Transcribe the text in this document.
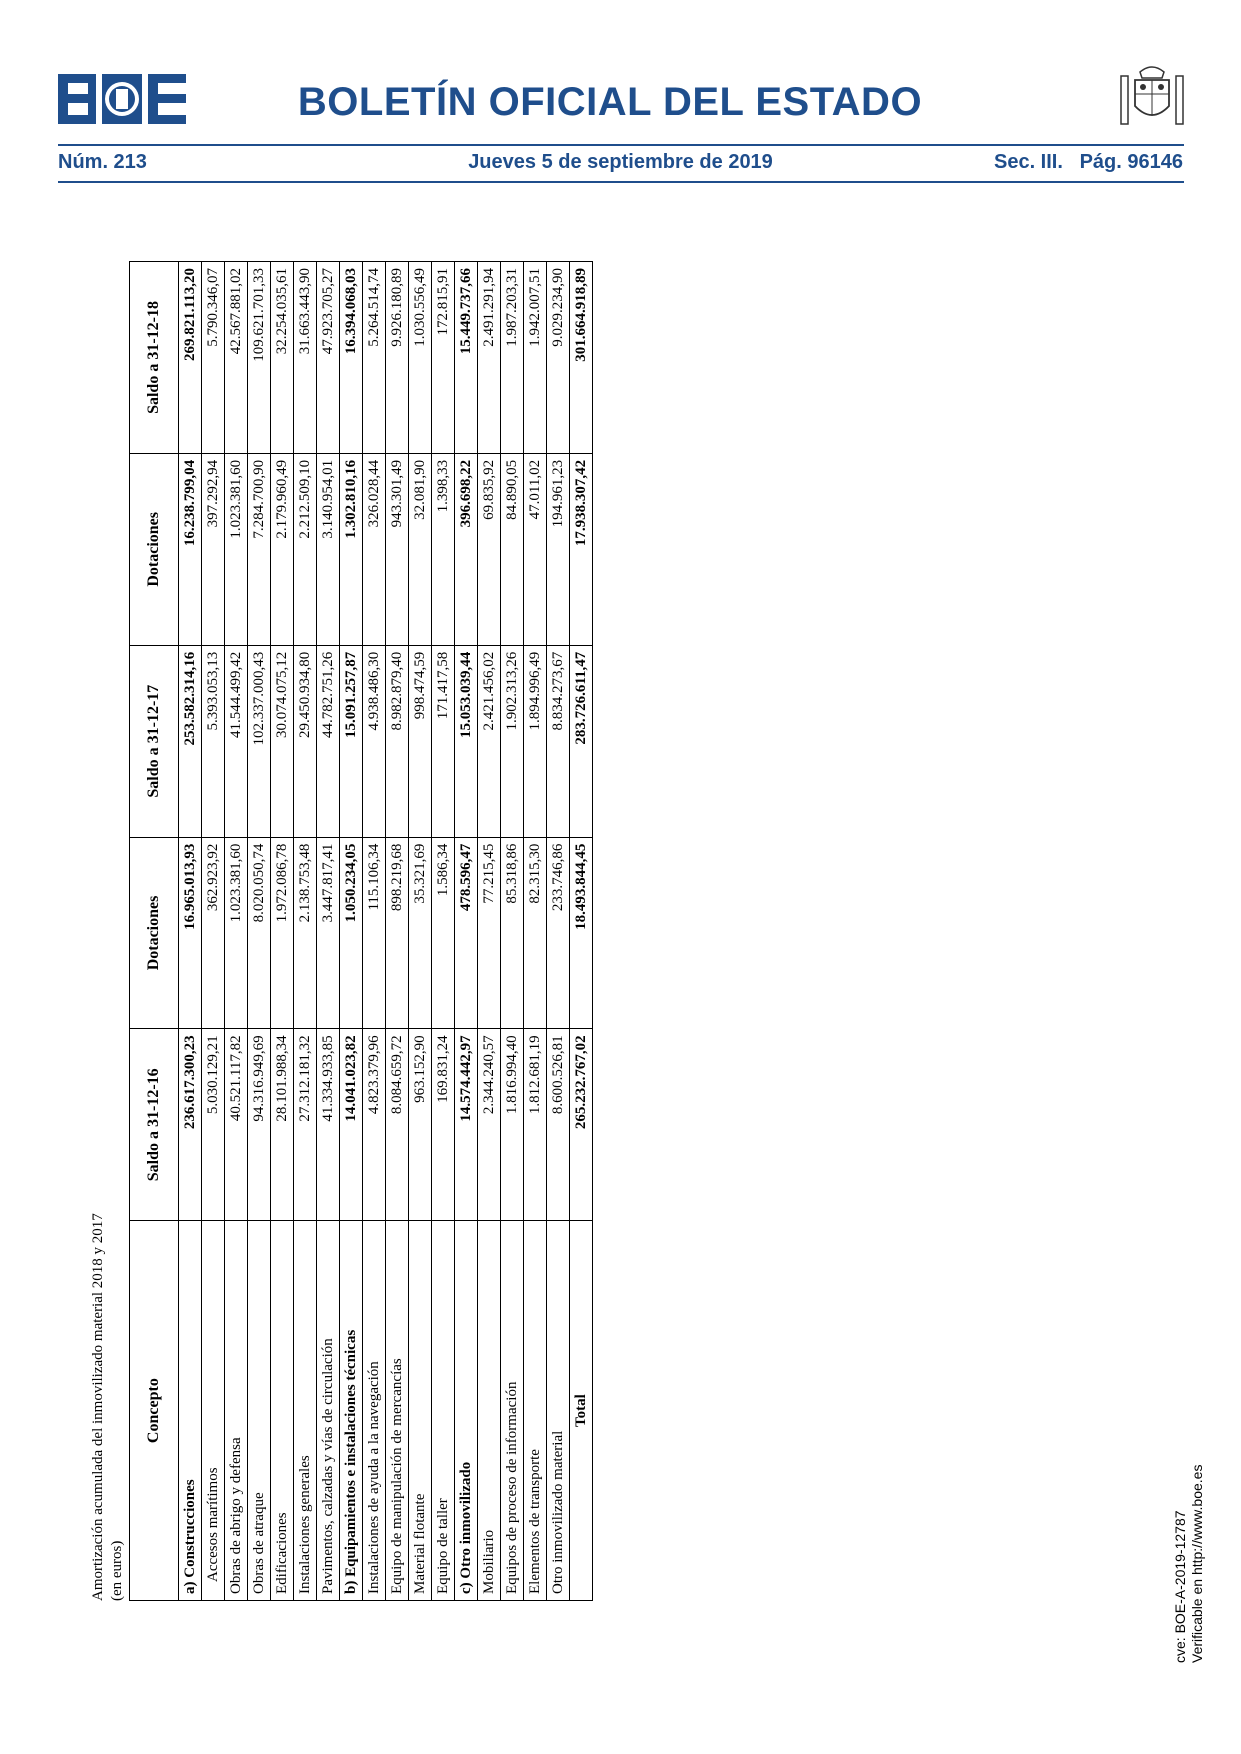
BOLETÍN OFICIAL DEL ESTADO
Núm. 213	Jueves 5 de septiembre de 2019	Sec. III.   Pág. 96146
Amortización acumulada del inmovilizado material 2018 y 2017 (en euros)
Concepto	Saldo a 31-12-16	Dotaciones	Saldo a 31-12-17	Dotaciones	Saldo a 31-12-18
a) Construcciones	236.617.300,23	16.965.013,93	253.582.314,16	16.238.799,04	269.821.113,20
Accesos marítimos	5.030.129,21	362.923,92	5.393.053,13	397.292,94	5.790.346,07
Obras de abrigo y defensa	40.521.117,82	1.023.381,60	41.544.499,42	1.023.381,60	42.567.881,02
Obras de atraque	94.316.949,69	8.020.050,74	102.337.000,43	7.284.700,90	109.621.701,33
Edificaciones	28.101.988,34	1.972.086,78	30.074.075,12	2.179.960,49	32.254.035,61
Instalaciones generales	27.312.181,32	2.138.753,48	29.450.934,80	2.212.509,10	31.663.443,90
Pavimentos, calzadas y vías de circulación	41.334.933,85	3.447.817,41	44.782.751,26	3.140.954,01	47.923.705,27
b) Equipamientos e instalaciones técnicas	14.041.023,82	1.050.234,05	15.091.257,87	1.302.810,16	16.394.068,03
Instalaciones de ayuda a la navegación	4.823.379,96	115.106,34	4.938.486,30	326.028,44	5.264.514,74
Equipo de manipulación de mercancías	8.084.659,72	898.219,68	8.982.879,40	943.301,49	9.926.180,89
Material flotante	963.152,90	35.321,69	998.474,59	32.081,90	1.030.556,49
Equipo de taller	169.831,24	1.586,34	171.417,58	1.398,33	172.815,91
c) Otro inmovilizado	14.574.442,97	478.596,47	15.053.039,44	396.698,22	15.449.737,66
Mobiliario	2.344.240,57	77.215,45	2.421.456,02	69.835,92	2.491.291,94
Equipos de proceso de información	1.816.994,40	85.318,86	1.902.313,26	84.890,05	1.987.203,31
Elementos de transporte	1.812.681,19	82.315,30	1.894.996,49	47.011,02	1.942.007,51
Otro inmovilizado material	8.600.526,81	233.746,86	8.834.273,67	194.961,23	9.029.234,90
Total	265.232.767,02	18.493.844,45	283.726.611,47	17.938.307,42	301.664.918,89
cve: BOE-A-2019-12787 Verificable en http://www.boe.es
